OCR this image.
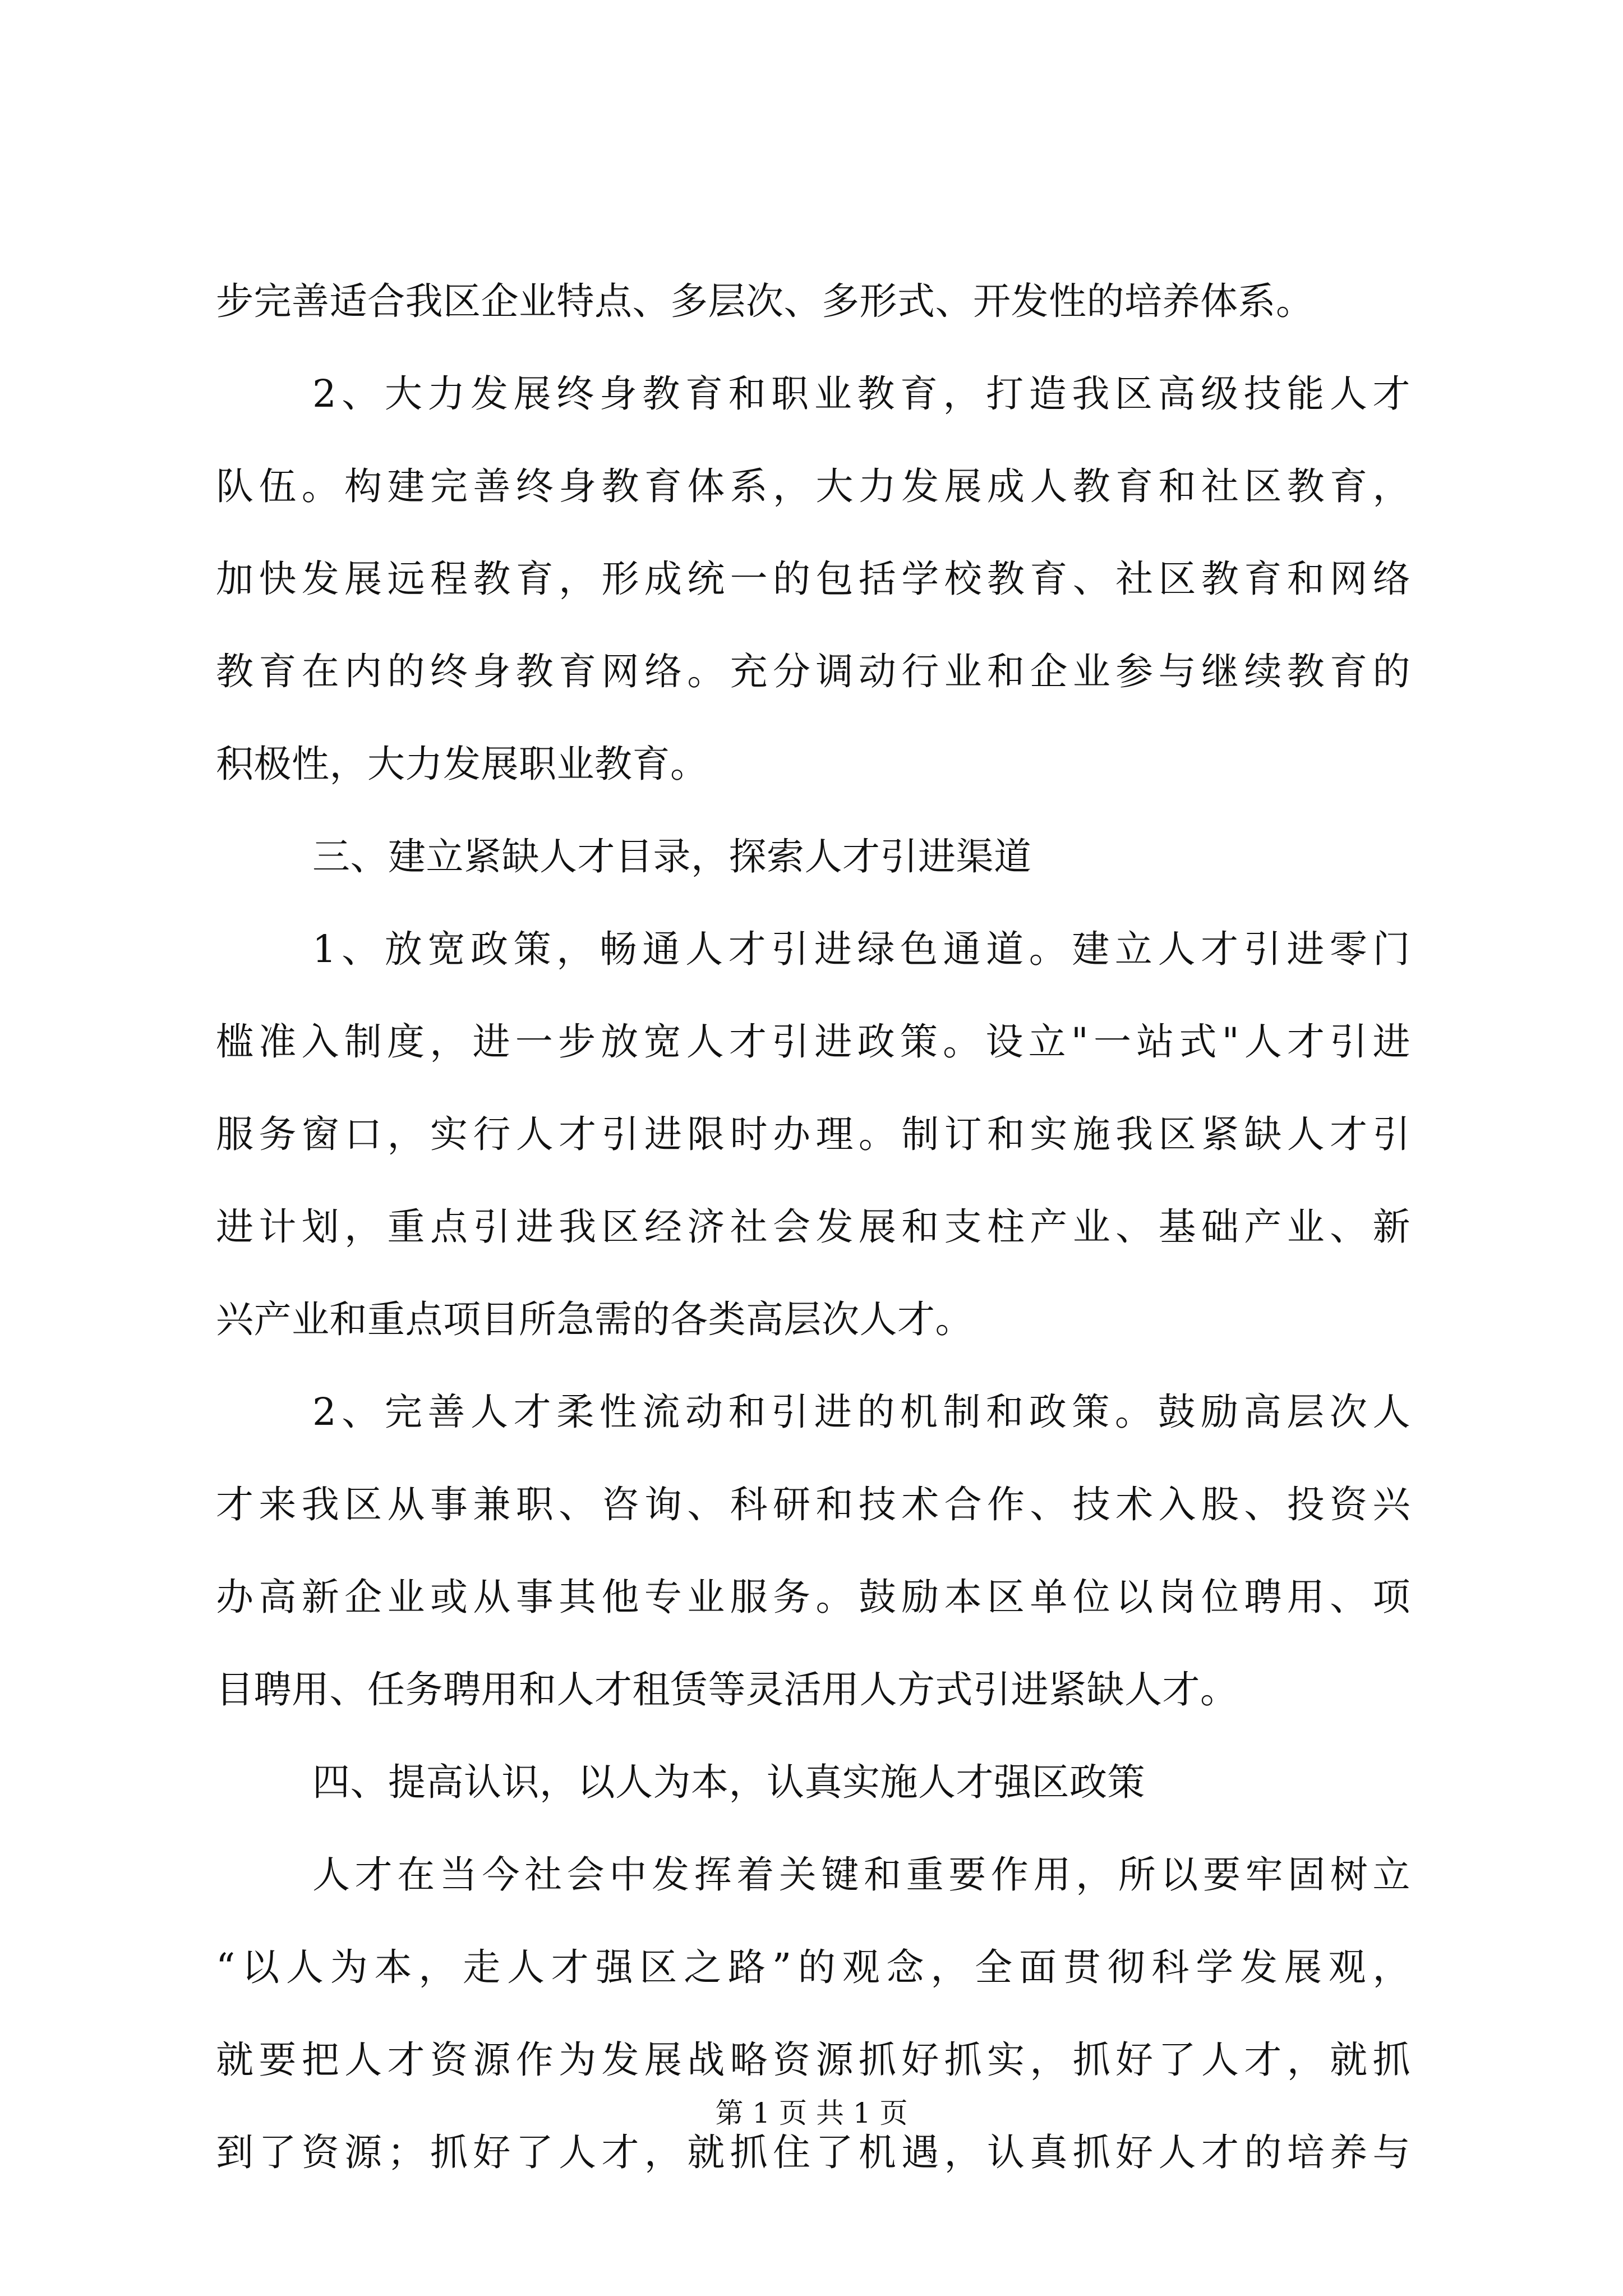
步完善适合我区企业特点、多层次、多形式、开发性的培养体系。
2、大力发展终身教育和职业教育，打造我区高级技能人才
队伍。构建完善终身教育体系，大力发展成人教育和社区教育，
加快发展远程教育，形成统一的包括学校教育、社区教育和网络
教育在内的终身教育网络。充分调动行业和企业参与继续教育的
积极性，大力发展职业教育。
三、建立紧缺人才目录，探索人才引进渠道
1、放宽政策，畅通人才引进绿色通道。建立人才引进零门
槛准入制度，进一步放宽人才引进政策。设立"一站式"人才引进
服务窗口，实行人才引进限时办理。制订和实施我区紧缺人才引
进计划，重点引进我区经济社会发展和支柱产业、基础产业、新
兴产业和重点项目所急需的各类高层次人才。
2、完善人才柔性流动和引进的机制和政策。鼓励高层次人
才来我区从事兼职、咨询、科研和技术合作、技术入股、投资兴
办高新企业或从事其他专业服务。鼓励本区单位以岗位聘用、项
目聘用、任务聘用和人才租赁等灵活用人方式引进紧缺人才。
四、提高认识，以人为本，认真实施人才强区政策
人才在当今社会中发挥着关键和重要作用，所以要牢固树立
“以人为本，走人才强区之路”的观念，全面贯彻科学发展观，
就要把人才资源作为发展战略资源抓好抓实，抓好了人才，就抓
到了资源；抓好了人才，就抓住了机遇，认真抓好人才的培养与
第 1 页 共 1 页
